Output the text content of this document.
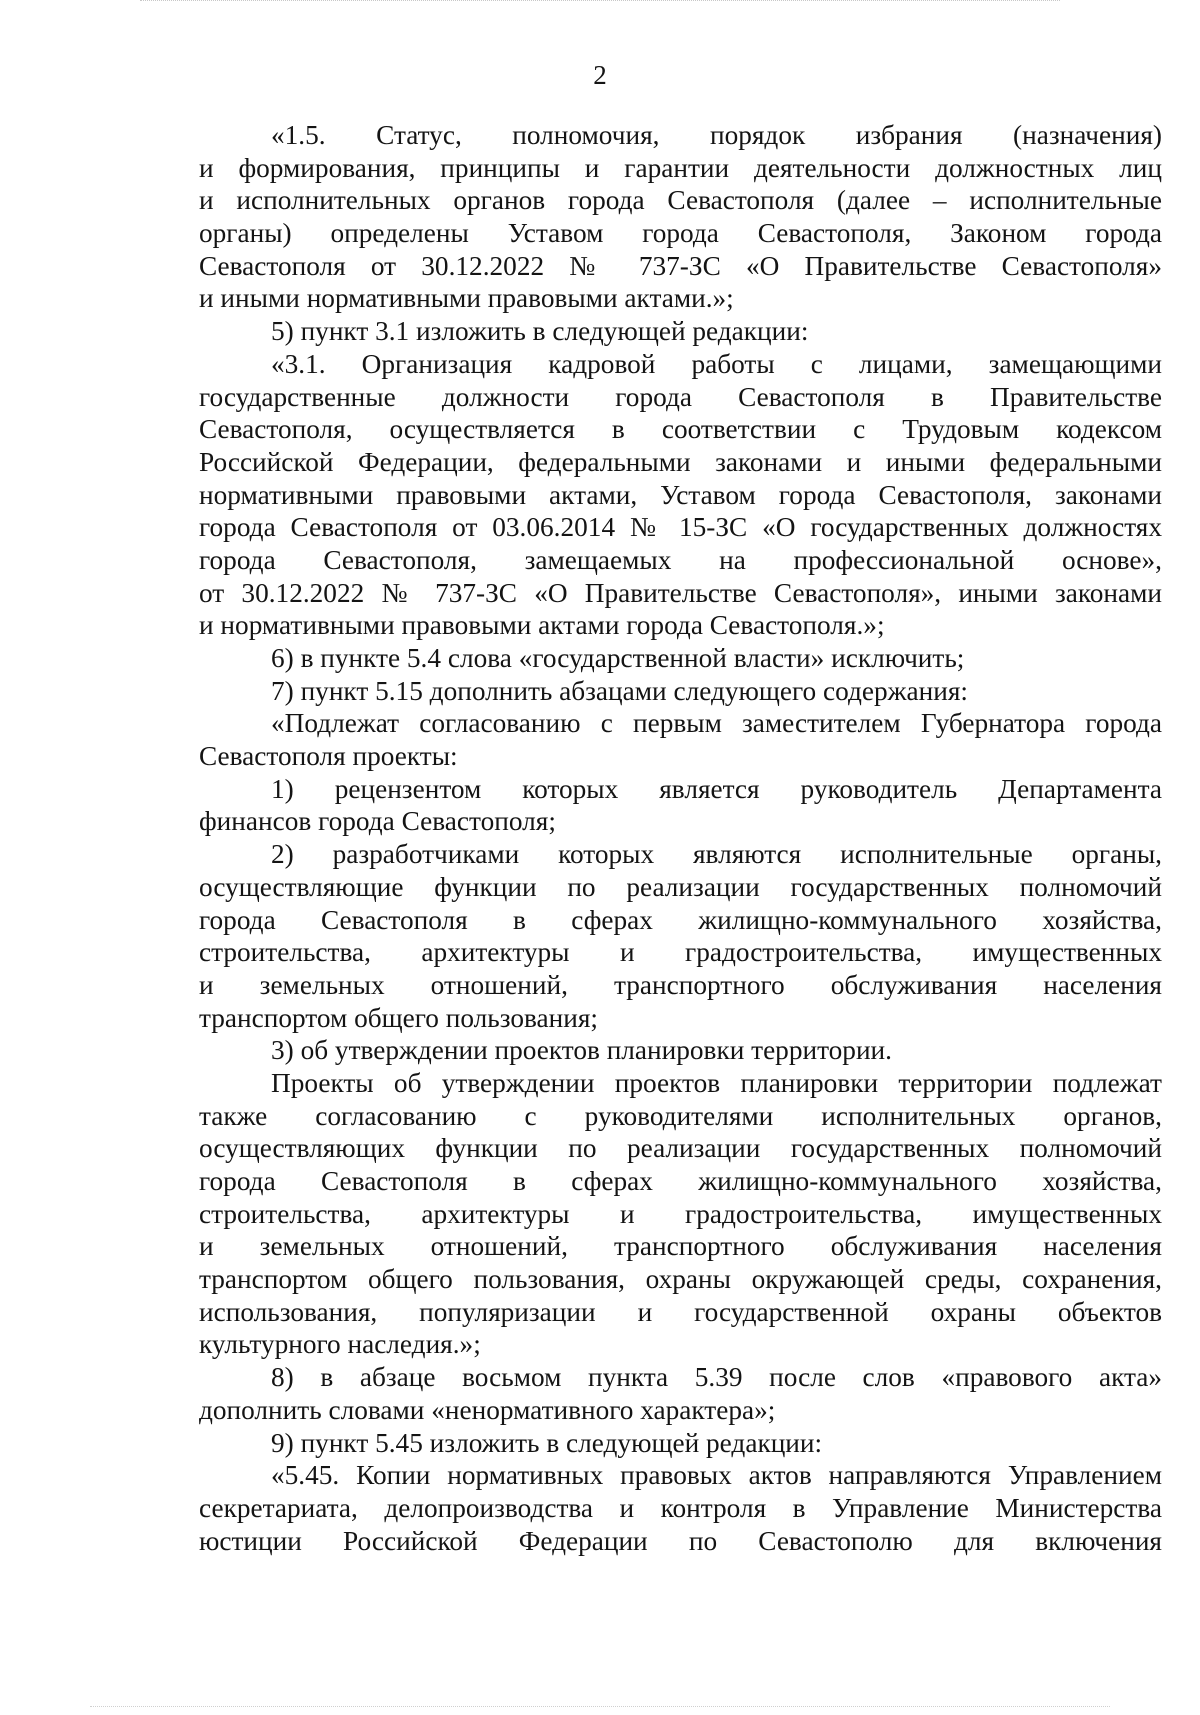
2
«1.5. Статус, полномочия, порядок избрания (назначения)
и формирования, принципы и гарантии деятельности должностных лиц
и исполнительных органов города Севастополя (далее – исполнительные
органы) определены Уставом города Севастополя, Законом города
Севастополя от 30.12.2022 № 737-ЗС «О Правительстве Севастополя»
и иными нормативными правовыми актами.»;
5) пункт 3.1 изложить в следующей редакции:
«3.1. Организация кадровой работы с лицами, замещающими
государственные должности города Севастополя в Правительстве
Севастополя, осуществляется в соответствии с Трудовым кодексом
Российской Федерации, федеральными законами и иными федеральными
нормативными правовыми актами, Уставом города Севастополя, законами
города Севастополя от 03.06.2014 № 15-ЗС «О государственных должностях
города Севастополя, замещаемых на профессиональной основе»,
от 30.12.2022 № 737-ЗС «О Правительстве Севастополя», иными законами
и нормативными правовыми актами города Севастополя.»;
6) в пункте 5.4 слова «государственной власти» исключить;
7) пункт 5.15 дополнить абзацами следующего содержания:
«Подлежат согласованию с первым заместителем Губернатора города
Севастополя проекты:
1) рецензентом которых является руководитель Департамента
финансов города Севастополя;
2) разработчиками которых являются исполнительные органы,
осуществляющие функции по реализации государственных полномочий
города Севастополя в сферах жилищно-коммунального хозяйства,
строительства, архитектуры и градостроительства, имущественных
и земельных отношений, транспортного обслуживания населения
транспортом общего пользования;
3) об утверждении проектов планировки территории.
Проекты об утверждении проектов планировки территории подлежат
также согласованию с руководителями исполнительных органов,
осуществляющих функции по реализации государственных полномочий
города Севастополя в сферах жилищно-коммунального хозяйства,
строительства, архитектуры и градостроительства, имущественных
и земельных отношений, транспортного обслуживания населения
транспортом общего пользования, охраны окружающей среды, сохранения,
использования, популяризации и государственной охраны объектов
культурного наследия.»;
8) в абзаце восьмом пункта 5.39 после слов «правового акта»
дополнить словами «ненормативного характера»;
9) пункт 5.45 изложить в следующей редакции:
«5.45. Копии нормативных правовых актов направляются Управлением
секретариата, делопроизводства и контроля в Управление Министерства
юстиции Российской Федерации по Севастополю для включения
